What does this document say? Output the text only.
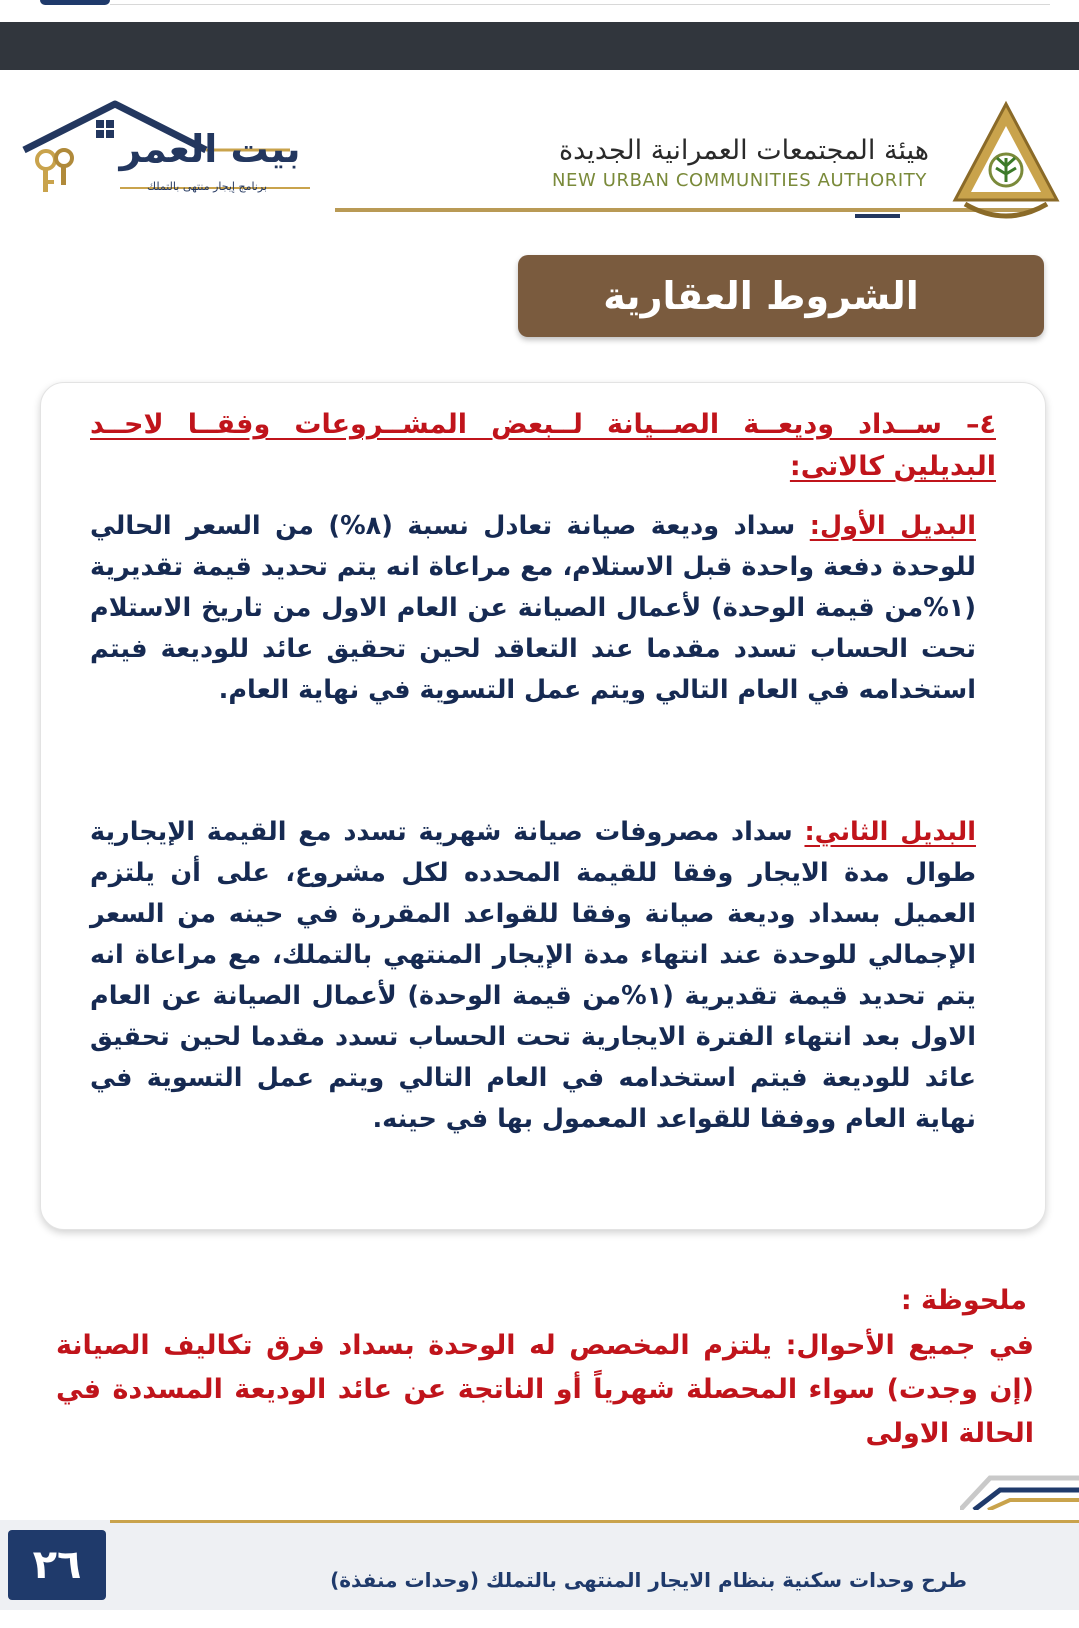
بيت العمر
برنامج إيجار منتهى بالتملك
هيئة المجتمعات العمرانية الجديدة
NEW URBAN COMMUNITIES AUTHORITY
الشروط العقارية
٤– ســداد وديعــة الصــيانة لــبعض المشــروعات وفقــا لاحــد البديلين كالاتى:
البديل الأول: سداد وديعة صيانة تعادل نسبة (٨%) من السعر الحالي للوحدة دفعة واحدة قبل الاستلام، مع مراعاة انه يتم تحديد قيمة تقديرية (١%من قيمة الوحدة) لأعمال الصيانة عن العام الاول من تاريخ الاستلام تحت الحساب تسدد مقدما عند التعاقد لحين تحقيق عائد للوديعة فيتم استخدامه في العام التالي ويتم عمل التسوية في نهاية العام.
البديل الثاني: سداد مصروفات صيانة شهرية تسدد مع القيمة الإيجارية طوال مدة الايجار وفقا للقيمة المحدده لكل مشروع، على أن يلتزم العميل بسداد وديعة صيانة وفقا للقواعد المقررة في حينه من السعر الإجمالي للوحدة عند انتهاء مدة الإيجار المنتهي بالتملك، مع مراعاة انه يتم تحديد قيمة تقديرية (١%من قيمة الوحدة) لأعمال الصيانة عن العام الاول بعد انتهاء الفترة الايجارية تحت الحساب تسدد مقدما لحين تحقيق عائد للوديعة فيتم استخدامه في العام التالي ويتم عمل التسوية في نهاية العام ووفقا للقواعد المعمول بها في حينه.
ملحوظة :
في جميع الأحوال: يلتزم المخصص له الوحدة بسداد فرق تكاليف الصيانة (إن وجدت) سواء المحصلة شهرياً أو الناتجة عن عائد الوديعة المسددة في الحالة الاولى
٢٦	طرح وحدات سكنية بنظام الايجار المنتهى بالتملك (وحدات منفذة)
